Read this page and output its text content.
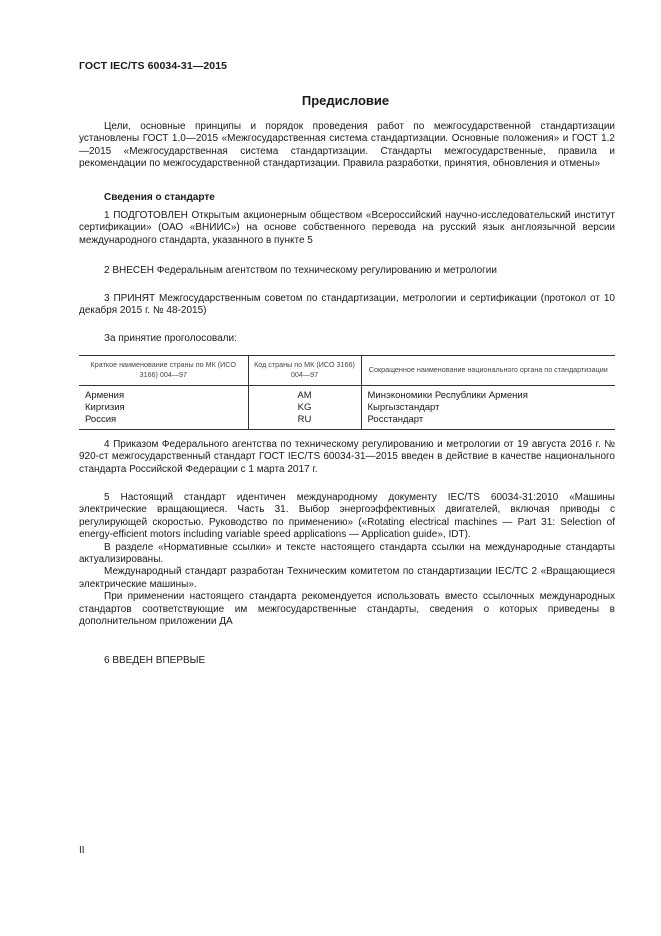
ГОСТ IEC/TS 60034-31—2015
Предисловие

Цели, основные принципы и порядок проведения работ по межгосударственной стандартизации установлены ГОСТ 1.0—2015 «Межгосударственная система стандартизации. Основные положения» и ГОСТ 1.2—2015 «Межгосударственная система стандартизации. Стандарты межгосударственные, правила и рекомендации по межгосударственной стандартизации. Правила разработки, принятия, обновления и отмены»

Сведения о стандарте

1 ПОДГОТОВЛЕН Открытым акционерным обществом «Всероссийский научно-исследовательский институт сертификации» (ОАО «ВНИИС») на основе собственного перевода на русский язык англоязычной версии международного стандарта, указанного в пункте 5

2 ВНЕСЕН Федеральным агентством по техническому регулированию и метрологии

3 ПРИНЯТ Межгосударственным советом по стандартизации, метрологии и сертификации (протокол от 10 декабря 2015 г. № 48-2015)

За принятие проголосовали:

Краткое наименование страны по МК (ИСО 3166) 004—97	Код страны по МК (ИСО 3166) 004—97	Сокращенное наименование национального органа по стандартизации
Армения	AM	Минэкономики Республики Армения
Киргизия	KG	Кыргызстандарт
Россия	RU	Росстандарт

4 Приказом Федерального агентства по техническому регулированию и метрологии от 19 августа 2016 г. № 920-ст межгосударственный стандарт ГОСТ IEC/TS 60034-31—2015 введен в действие в качестве национального стандарта Российской Федерации с 1 марта 2017 г.

5 Настоящий стандарт идентичен международному документу IEC/TS 60034-31:2010 «Машины электрические вращающиеся. Часть 31. Выбор энергоэффективных двигателей, включая приводы с регулирующей скоростью. Руководство по применению» («Rotating electrical machines — Part 31: Selection of energy-efficient motors including variable speed applications — Application guide», IDT).

В разделе «Нормативные ссылки» и тексте настоящего стандарта ссылки на международные стандарты актуализированы.

Международный стандарт разработан Техническим комитетом по стандартизации IEC/TC 2 «Вращающиеся электрические машины».

При применении настоящего стандарта рекомендуется использовать вместо ссылочных международных стандартов соответствующие им межгосударственные стандарты, сведения о которых приведены в дополнительном приложении ДА

6 ВВЕДЕН ВПЕРВЫЕ

II
